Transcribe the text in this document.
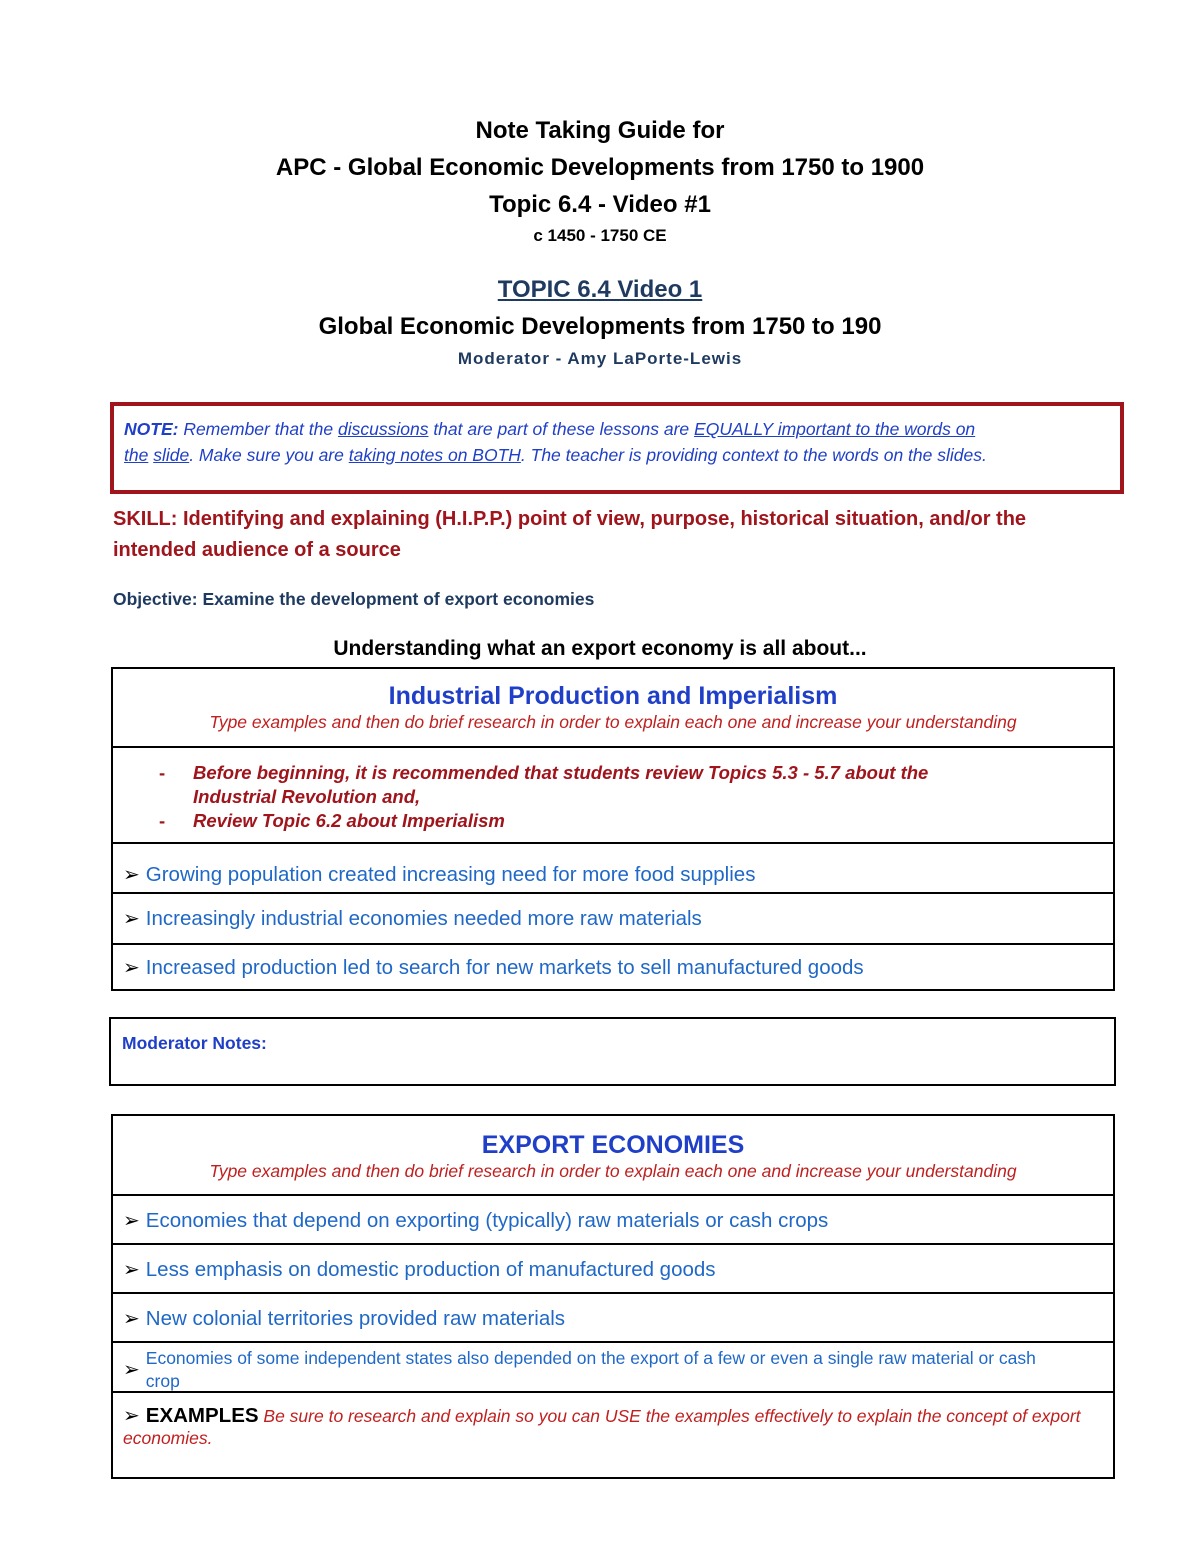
Note Taking Guide for
APC - Global Economic Developments from 1750 to 1900
Topic 6.4 - Video #1
c 1450 - 1750 CE
TOPIC 6.4 Video 1
Global Economic Developments from 1750 to 190
Moderator - Amy LaPorte-Lewis
NOTE: Remember that the discussions that are part of these lessons are EQUALLY important to the words on
the slide. Make sure you are taking notes on BOTH. The teacher is providing context to the words on the slides.
SKILL: Identifying and explaining (H.I.P.P.) point of view, purpose, historical situation, and/or the intended audience of a source
Objective: Examine the development of export economies
Understanding what an export economy is all about...
Industrial Production and Imperialism
Type examples and then do brief research in order to explain each one and increase your understanding
- Before beginning, it is recommended that students review Topics 5.3 - 5.7 about the
Industrial Revolution and,
- Review Topic 6.2 about Imperialism
➢ Growing population created increasing need for more food supplies
➢ Increasingly industrial economies needed more raw materials
➢ Increased production led to search for new markets to sell manufactured goods
Moderator Notes:
EXPORT ECONOMIES
Type examples and then do brief research in order to explain each one and increase your understanding
➢ Economies that depend on exporting (typically) raw materials or cash crops
➢ Less emphasis on domestic production of manufactured goods
➢ New colonial territories provided raw materials
➢
Economies of some independent states also depended on the export of a few or even a single raw material or cash crop
➢ EXAMPLES Be sure to research and explain so you can USE the examples effectively to explain the concept of export economies.
